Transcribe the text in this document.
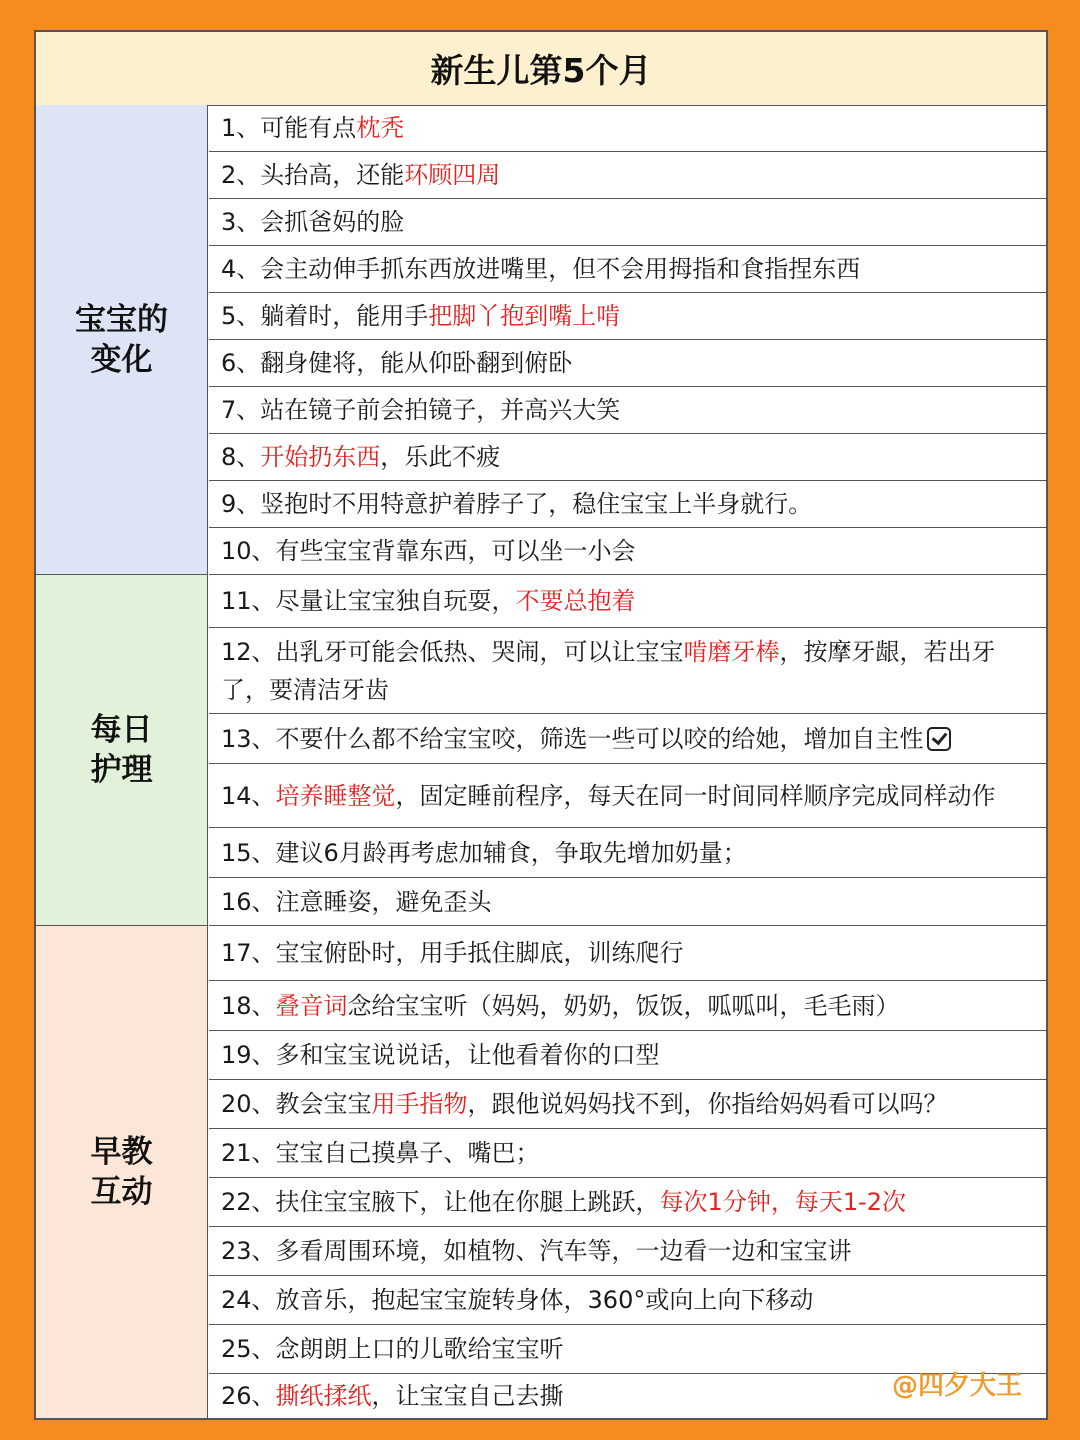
新生儿第5个月
宝宝的
变化
每日
护理
早教
互动
1、可能有点枕秃
2、头抬高，还能环顾四周
3、会抓爸妈的脸
4、会主动伸手抓东西放进嘴里，但不会用拇指和食指捏东西
5、躺着时，能用手把脚丫抱到嘴上啃
6、翻身健将，能从仰卧翻到俯卧
7、站在镜子前会拍镜子，并高兴大笑
8、开始扔东西，乐此不疲
9、竖抱时不用特意护着脖子了，稳住宝宝上半身就行。
10、有些宝宝背靠东西，可以坐一小会
11、尽量让宝宝独自玩耍，不要总抱着
12、出乳牙可能会低热、哭闹，可以让宝宝啃磨牙棒，按摩牙龈，若出牙了，要清洁牙齿
13、不要什么都不给宝宝咬，筛选一些可以咬的给她，增加自主性
14、培养睡整觉，固定睡前程序，每天在同一时间同样顺序完成同样动作
15、建议6月龄再考虑加辅食，争取先增加奶量；
16、注意睡姿，避免歪头
17、宝宝俯卧时，用手抵住脚底，训练爬行
18、叠音词念给宝宝听（妈妈，奶奶，饭饭，呱呱叫，毛毛雨）
19、多和宝宝说说话，让他看着你的口型
20、教会宝宝用手指物，跟他说妈妈找不到，你指给妈妈看可以吗？
21、宝宝自己摸鼻子、嘴巴；
22、扶住宝宝腋下，让他在你腿上跳跃，每次1分钟，每天1-2次
23、多看周围环境，如植物、汽车等，一边看一边和宝宝讲
24、放音乐，抱起宝宝旋转身体，360°或向上向下移动
25、念朗朗上口的儿歌给宝宝听
26、撕纸揉纸，让宝宝自己去撕	@四夕大王
